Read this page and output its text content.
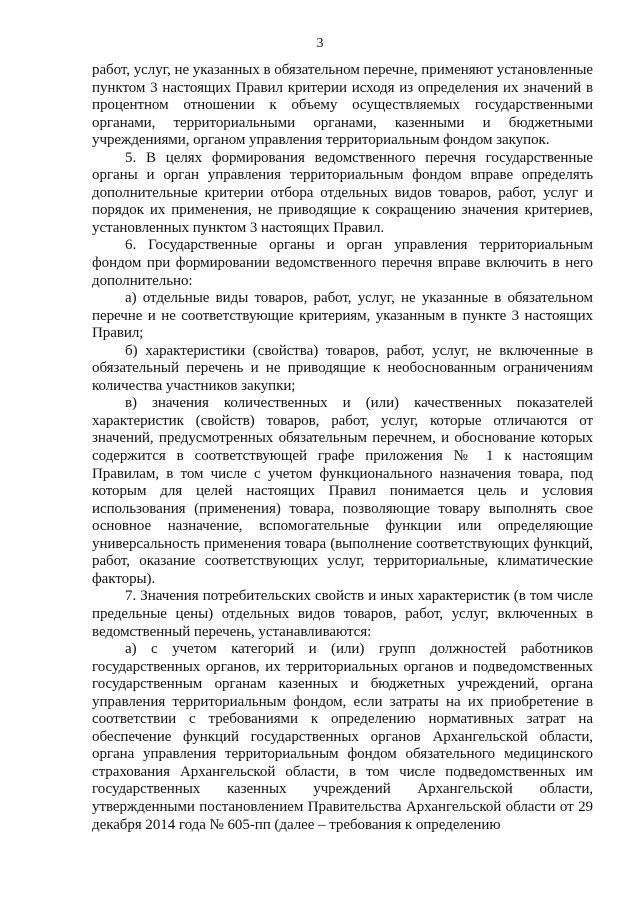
3

работ, услуг, не указанных в обязательном перечне, применяют установленные пунктом 3 настоящих Правил критерии исходя из определения их значений в процентном отношении к объему осуществляемых государственными органами, территориальными органами, казенными и бюджетными учреждениями, органом управления территориальным фондом закупок.

5. В целях формирования ведомственного перечня государственные органы и орган управления территориальным фондом вправе определять дополнительные критерии отбора отдельных видов товаров, работ, услуг и порядок их применения, не приводящие к сокращению значения критериев, установленных пунктом 3 настоящих Правил.

6. Государственные органы и орган управления территориальным фондом при формировании ведомственного перечня вправе включить в него дополнительно:

а) отдельные виды товаров, работ, услуг, не указанные в обязательном перечне и не соответствующие критериям, указанным в пункте 3 настоящих Правил;

б) характеристики (свойства) товаров, работ, услуг, не включенные в обязательный перечень и не приводящие к необоснованным ограничениям количества участников закупки;

в) значения количественных и (или) качественных показателей характеристик (свойств) товаров, работ, услуг, которые отличаются от значений, предусмотренных обязательным перечнем, и обоснование которых содержится в соответствующей графе приложения № 1 к настоящим Правилам, в том числе с учетом функционального назначения товара, под которым для целей настоящих Правил понимается цель и условия использования (применения) товара, позволяющие товару выполнять свое основное назначение, вспомогательные функции или определяющие универсальность применения товара (выполнение соответствующих функций, работ, оказание соответствующих услуг, территориальные, климатические факторы).

7. Значения потребительских свойств и иных характеристик (в том числе предельные цены) отдельных видов товаров, работ, услуг, включенных в ведомственный перечень, устанавливаются:

а) с учетом категорий и (или) групп должностей работников государственных органов, их территориальных органов и подведомственных государственным органам казенных и бюджетных учреждений, органа управления территориальным фондом, если затраты на их приобретение в соответствии с требованиями к определению нормативных затрат на обеспечение функций государственных органов Архангельской области, органа управления территориальным фондом обязательного медицинского страхования Архангельской области, в том числе подведомственных им государственных казенных учреждений Архангельской области, утвержденными постановлением Правительства Архангельской области от 29 декабря 2014 года № 605-пп (далее – требования к определению
